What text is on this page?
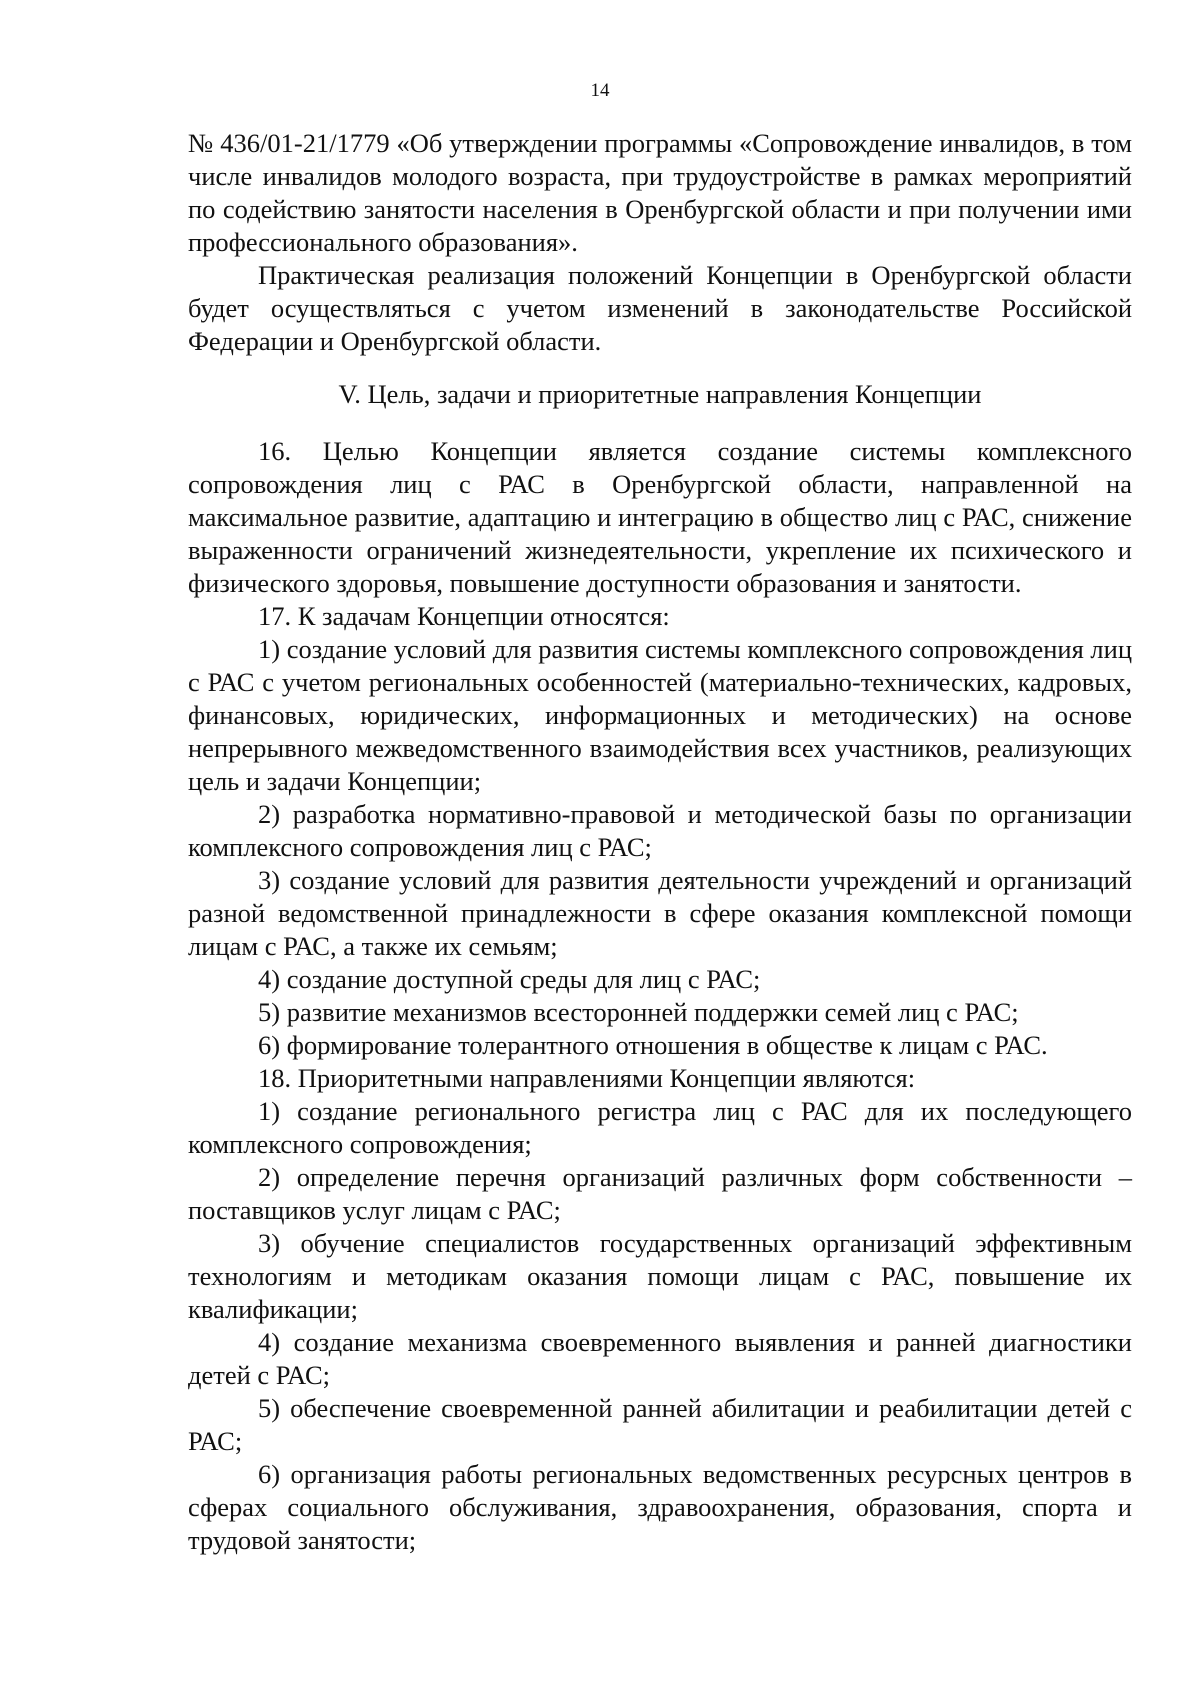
14

№ 436/01-21/1779 «Об утверждении программы «Сопровождение инвалидов, в том числе инвалидов молодого возраста, при трудоустройстве в рамках мероприятий по содействию занятости населения в Оренбургской области и при получении ими профессионального образования».

Практическая реализация положений Концепции в Оренбургской области будет осуществляться с учетом изменений в законодательстве Российской Федерации и Оренбургской области.

V. Цель, задачи и приоритетные направления Концепции

16. Целью Концепции является создание системы комплексного сопровождения лиц с РАС в Оренбургской области, направленной на максимальное развитие, адаптацию и интеграцию в общество лиц с РАС, снижение выраженности ограничений жизнедеятельности, укрепление их психического и физического здоровья, повышение доступности образования и занятости.

17. К задачам Концепции относятся:

1) создание условий для развития системы комплексного сопровождения лиц с РАС с учетом региональных особенностей (материально-технических, кадровых, финансовых, юридических, информационных и методических) на основе непрерывного межведомственного взаимодействия всех участников, реализующих цель и задачи Концепции;

2) разработка нормативно-правовой и методической базы по организации комплексного сопровождения лиц с РАС;

3) создание условий для развития деятельности учреждений и организаций разной ведомственной принадлежности в сфере оказания комплексной помощи лицам с РАС, а также их семьям;

4) создание доступной среды для лиц с РАС;

5) развитие механизмов всесторонней поддержки семей лиц с РАС;

6) формирование толерантного отношения в обществе к лицам с РАС.

18. Приоритетными направлениями Концепции являются:

1) создание регионального регистра лиц с РАС для их последующего комплексного сопровождения;

2) определение перечня организаций различных форм собственности – поставщиков услуг лицам с РАС;

3) обучение специалистов государственных организаций эффективным технологиям и методикам оказания помощи лицам с РАС, повышение их квалификации;

4) создание механизма своевременного выявления и ранней диагностики детей с РАС;

5) обеспечение своевременной ранней абилитации и реабилитации детей с РАС;

6) организация работы региональных ведомственных ресурсных центров в сферах социального обслуживания, здравоохранения, образования, спорта и трудовой занятости;
